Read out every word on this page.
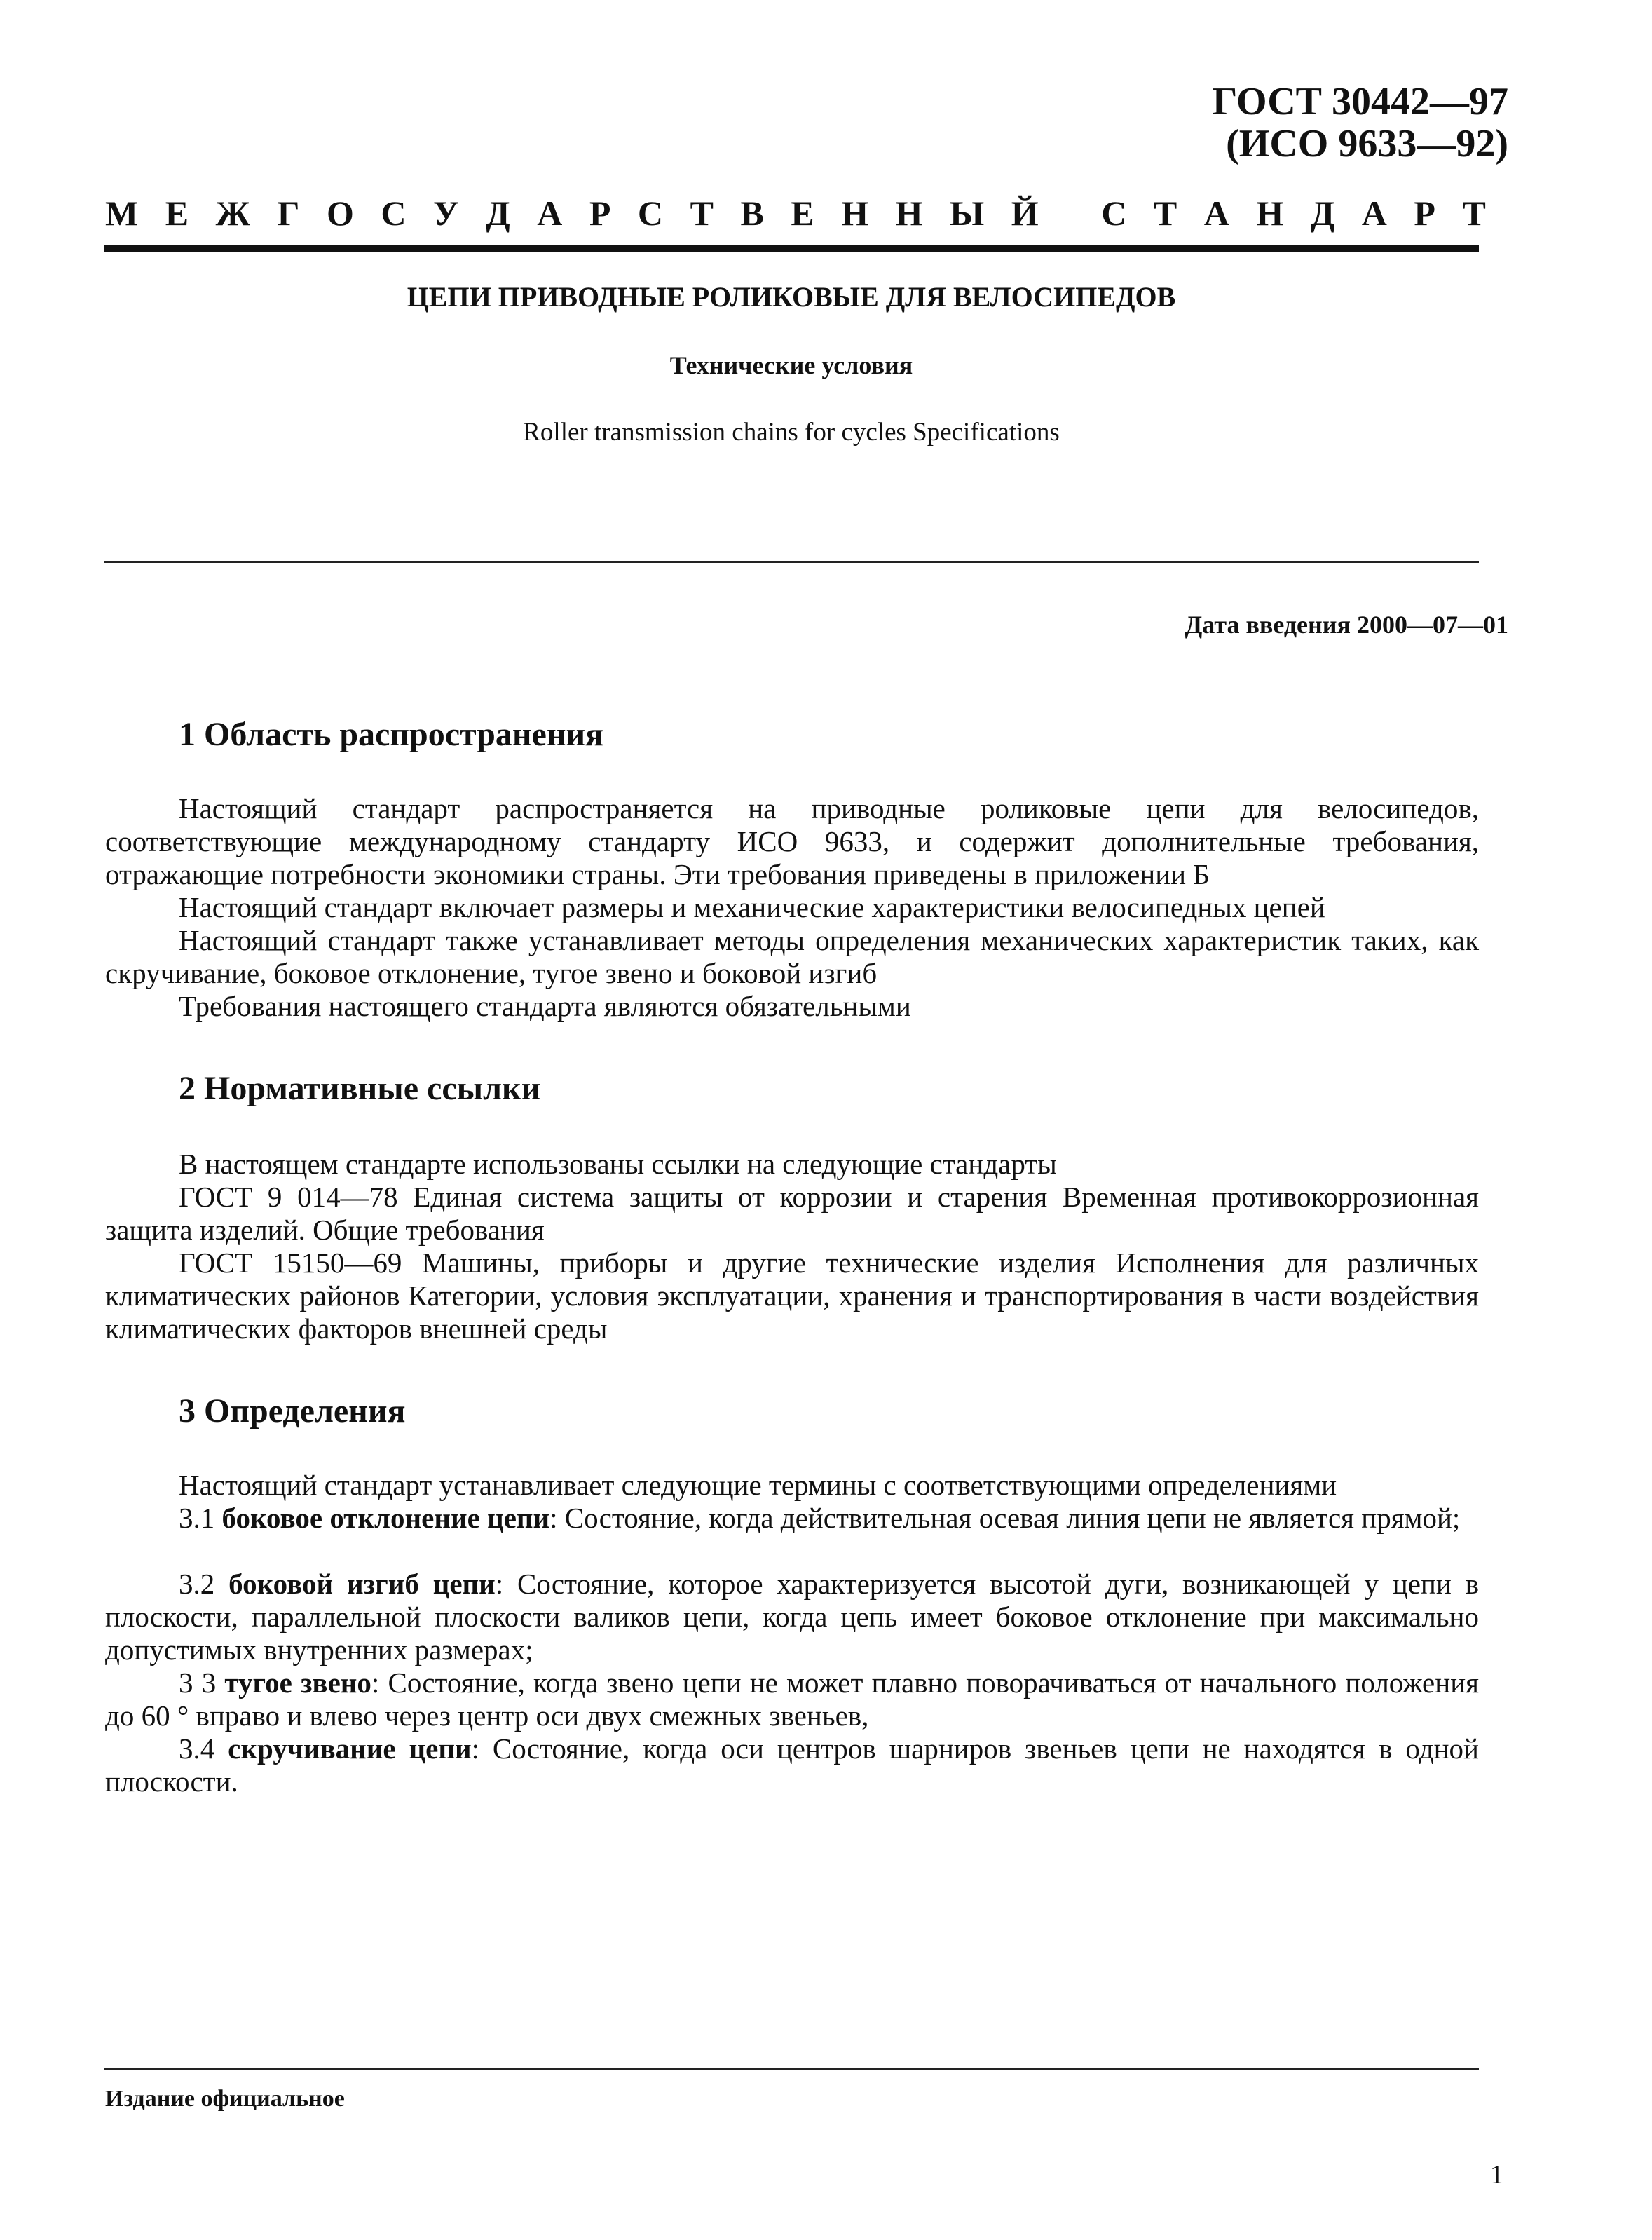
ГОСТ 30442—97
(ИСО 9633—92)
М Е Ж Г О С У Д А Р С Т В Е Н Н Ы Й
С Т А Н Д А Р Т
ЦЕПИ ПРИВОДНЫЕ РОЛИКОВЫЕ ДЛЯ ВЕЛОСИПЕДОВ
Технические условия
Roller transmission chains for cycles Specifications
Дата введения 2000—07—01
1 Область распространения

Настоящий стандарт распространяется на приводные роликовые цепи для велосипедов, соответствующие международному стандарту ИСО 9633, и содержит дополнительные требования, отражающие потребности экономики страны. Эти требования приведены в приложении Б

Настоящий стандарт включает размеры и механические характеристики велосипедных цепей

Настоящий стандарт также устанавливает методы определения механических характеристик таких, как скручивание, боковое отклонение, тугое звено и боковой изгиб

Требования настоящего стандарта являются обязательными

2 Нормативные ссылки

В настоящем стандарте использованы ссылки на следующие стандарты

ГОСТ 9 014—78 Единая система защиты от коррозии и старения Временная противокоррозионная защита изделий. Общие требования

ГОСТ 15150—69 Машины, приборы и другие технические изделия Исполнения для различных климатических районов Категории, условия эксплуатации, хранения и транспортирования в части воздействия климатических факторов внешней среды

3 Определения

Настоящий стандарт устанавливает следующие термины с соответствующими определениями

3.1 боковое отклонение цепи: Состояние, когда действительная осевая линия цепи не является прямой;

3.2 боковой изгиб цепи: Состояние, которое характеризуется высотой дуги, возникающей у цепи в плоскости, параллельной плоскости валиков цепи, когда цепь имеет боковое отклонение при максимально допустимых внутренних размерах;

3 3 тугое звено: Состояние, когда звено цепи не может плавно поворачиваться от начального положения до 60 ° вправо и влево через центр оси двух смежных звеньев,

3.4 скручивание цепи: Состояние, когда оси центров шарниров звеньев цепи не находятся в одной плоскости.

Издание официальное
1
